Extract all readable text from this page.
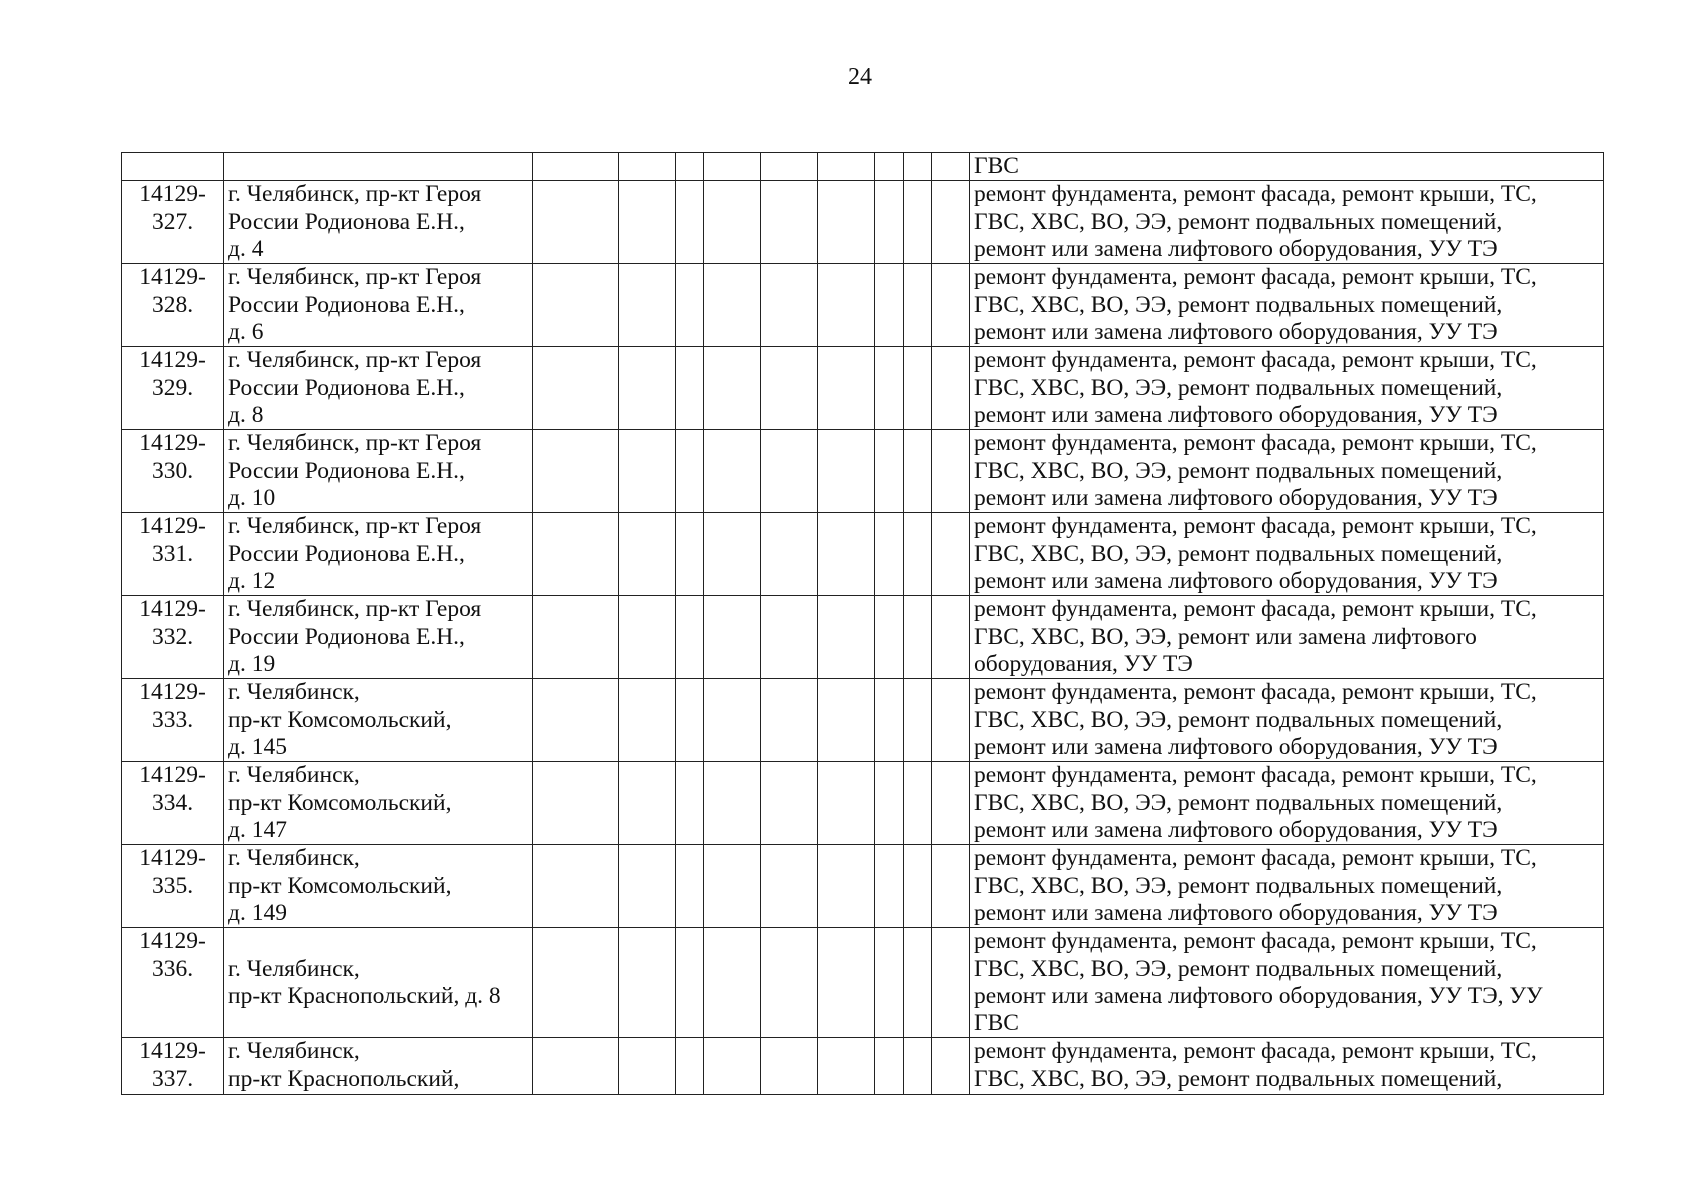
24
											ГВС
14129-
327.	г. Челябинск, пр-кт Героя
России Родионова Е.Н.,
д. 4										ремонт фундамента, ремонт фасада, ремонт крыши, ТС,
ГВС, ХВС, ВО, ЭЭ, ремонт подвальных помещений,
ремонт или замена лифтового оборудования, УУ ТЭ
14129-
328.	г. Челябинск, пр-кт Героя
России Родионова Е.Н.,
д. 6										ремонт фундамента, ремонт фасада, ремонт крыши, ТС,
ГВС, ХВС, ВО, ЭЭ, ремонт подвальных помещений,
ремонт или замена лифтового оборудования, УУ ТЭ
14129-
329.	г. Челябинск, пр-кт Героя
России Родионова Е.Н.,
д. 8										ремонт фундамента, ремонт фасада, ремонт крыши, ТС,
ГВС, ХВС, ВО, ЭЭ, ремонт подвальных помещений,
ремонт или замена лифтового оборудования, УУ ТЭ
14129-
330.	г. Челябинск, пр-кт Героя
России Родионова Е.Н.,
д. 10										ремонт фундамента, ремонт фасада, ремонт крыши, ТС,
ГВС, ХВС, ВО, ЭЭ, ремонт подвальных помещений,
ремонт или замена лифтового оборудования, УУ ТЭ
14129-
331.	г. Челябинск, пр-кт Героя
России Родионова Е.Н.,
д. 12										ремонт фундамента, ремонт фасада, ремонт крыши, ТС,
ГВС, ХВС, ВО, ЭЭ, ремонт подвальных помещений,
ремонт или замена лифтового оборудования, УУ ТЭ
14129-
332.	г. Челябинск, пр-кт Героя
России Родионова Е.Н.,
д. 19										ремонт фундамента, ремонт фасада, ремонт крыши, ТС,
ГВС, ХВС, ВО, ЭЭ, ремонт или замена лифтового
оборудования, УУ ТЭ
14129-
333.	г. Челябинск,
пр-кт Комсомольский,
д. 145										ремонт фундамента, ремонт фасада, ремонт крыши, ТС,
ГВС, ХВС, ВО, ЭЭ, ремонт подвальных помещений,
ремонт или замена лифтового оборудования, УУ ТЭ
14129-
334.	г. Челябинск,
пр-кт Комсомольский,
д. 147										ремонт фундамента, ремонт фасада, ремонт крыши, ТС,
ГВС, ХВС, ВО, ЭЭ, ремонт подвальных помещений,
ремонт или замена лифтового оборудования, УУ ТЭ
14129-
335.	г. Челябинск,
пр-кт Комсомольский,
д. 149										ремонт фундамента, ремонт фасада, ремонт крыши, ТС,
ГВС, ХВС, ВО, ЭЭ, ремонт подвальных помещений,
ремонт или замена лифтового оборудования, УУ ТЭ
14129-
336.	г. Челябинск,
пр-кт Краснопольский, д. 8										ремонт фундамента, ремонт фасада, ремонт крыши, ТС,
ГВС, ХВС, ВО, ЭЭ, ремонт подвальных помещений,
ремонт или замена лифтового оборудования, УУ ТЭ, УУ
ГВС
14129-
337.	г. Челябинск,
пр-кт Краснопольский,										ремонт фундамента, ремонт фасада, ремонт крыши, ТС,
ГВС, ХВС, ВО, ЭЭ, ремонт подвальных помещений,
